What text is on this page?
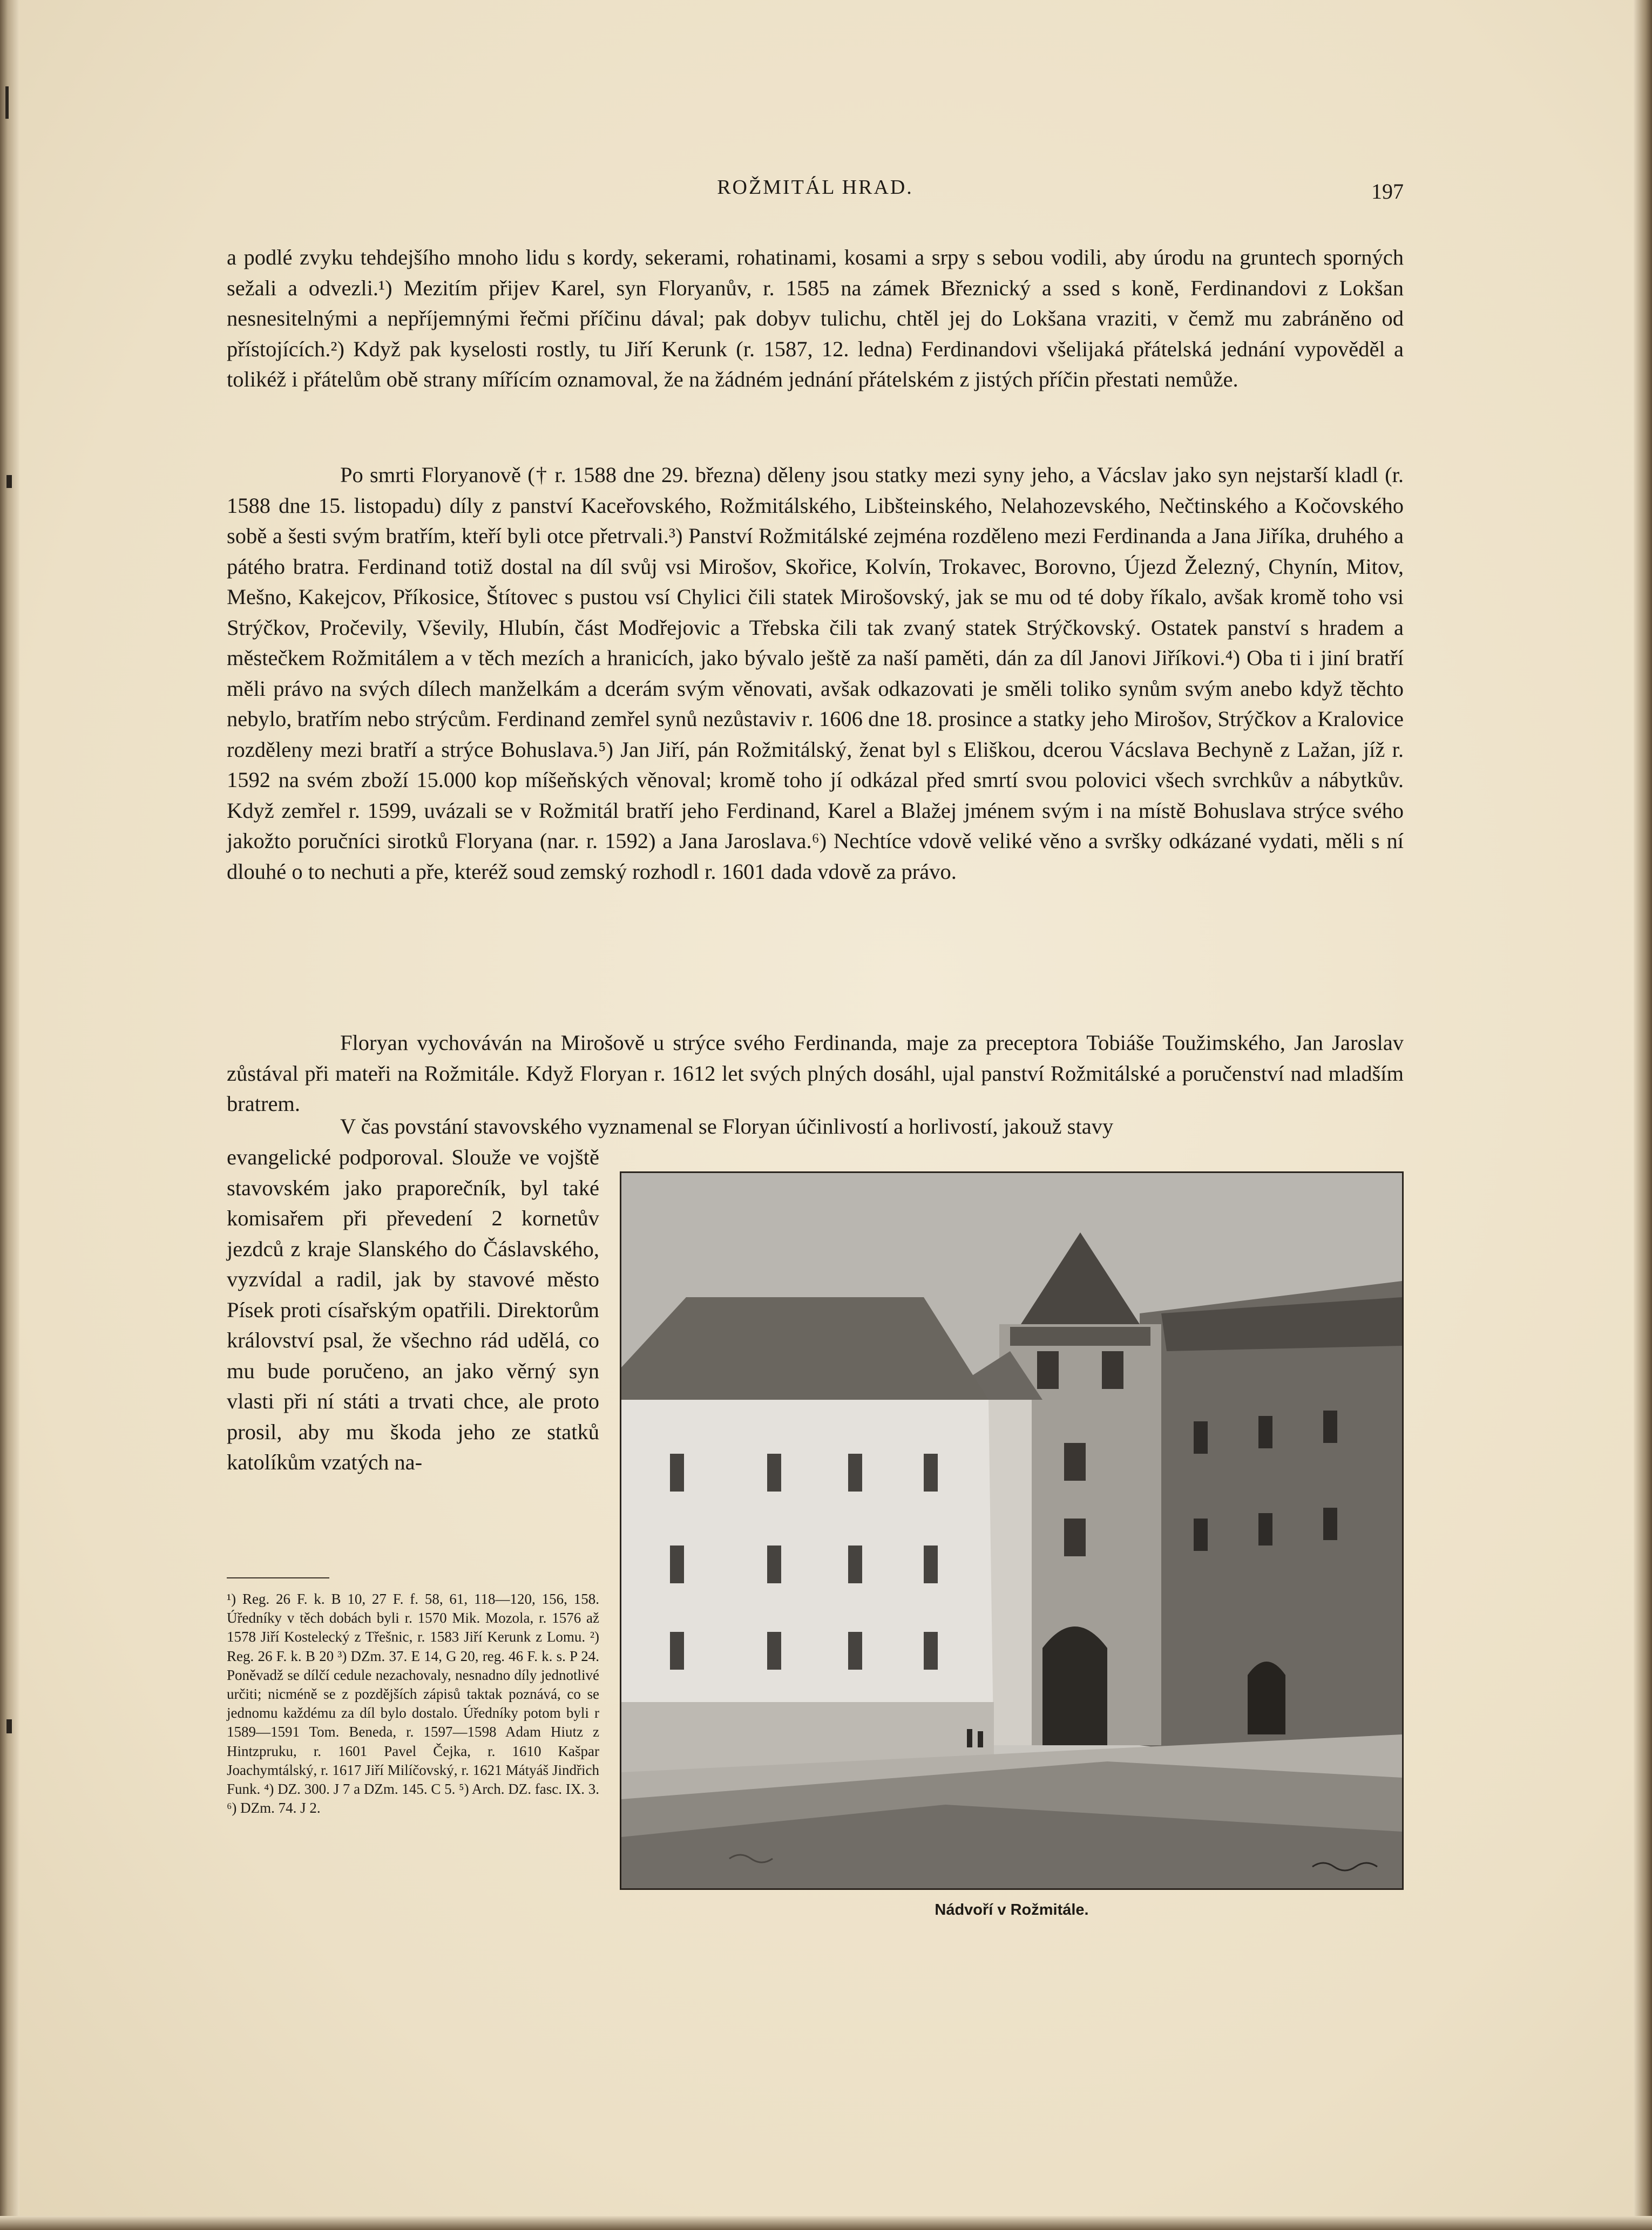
ROŽMITÁL HRAD.	197

a podlé zvyku tehdejšího mnoho lidu s kordy, sekerami, rohatinami, kosami a srpy s sebou vodili, aby úrodu na gruntech sporných sežali a odvezli.¹) Mezitím přijev Karel, syn Floryanův, r. 1585 na zámek Březnický a ssed s koně, Ferdinandovi z Lokšan nesnesitelnými a nepříjemnými řečmi příčinu dával; pak dobyv tulichu, chtěl jej do Lokšana vraziti, v čemž mu zabráněno od přístojících.²) Když pak kyselosti rostly, tu Jiří Kerunk (r. 1587, 12. ledna) Ferdinandovi všelijaká přátelská jednání vypověděl a tolikéž i přátelům obě strany mířícím oznamoval, že na žádném jednání přátelském z jistých příčin přestati nemůže.

Po smrti Floryanově († r. 1588 dne 29. března) děleny jsou statky mezi syny jeho, a Vácslav jako syn nejstarší kladl (r. 1588 dne 15. listopadu) díly z panství Kaceřovského, Rožmitálského, Libšteinského, Nelahozevského, Nečtinského a Kočovského sobě a šesti svým bratřím, kteří byli otce přetrvali.³) Panství Rožmitálské zejména rozděleno mezi Ferdinanda a Jana Jiříka, druhého a pátého bratra. Ferdinand totiž dostal na díl svůj vsi Mirošov, Skořice, Kolvín, Trokavec, Borovno, Újezd Železný, Chynín, Mitov, Mešno, Kakejcov, Příkosice, Štítovec s pustou vsí Chylici čili statek Mirošovský, jak se mu od té doby říkalo, avšak kromě toho vsi Strýčkov, Pročevily, Vševily, Hlubín, část Modřejovic a Třebska čili tak zvaný statek Strýčkovský. Ostatek panství s hradem a městečkem Rožmitálem a v těch mezích a hranicích, jako bývalo ještě za naší paměti, dán za díl Janovi Jiříkovi.⁴) Oba ti i jiní bratří měli právo na svých dílech manželkám a dcerám svým věnovati, avšak odkazovati je směli toliko synům svým anebo když těchto nebylo, bratřím nebo strýcům. Ferdinand zemřel synů nezůstaviv r. 1606 dne 18. prosince a statky jeho Mirošov, Strýčkov a Kralovice rozděleny mezi bratří a strýce Bohuslava.⁵) Jan Jiří, pán Rožmitálský, ženat byl s Eliškou, dcerou Vácslava Bechyně z Lažan, jíž r. 1592 na svém zboží 15.000 kop míšeňských věnoval; kromě toho jí odkázal před smrtí svou polovici všech svrchkův a nábytkův. Když zemřel r. 1599, uvázali se v Rožmitál bratří jeho Ferdinand, Karel a Blažej jménem svým i na místě Bohuslava strýce svého jakožto poručníci sirotků Floryana (nar. r. 1592) a Jana Jaroslava.⁶) Nechtíce vdově veliké věno a svršky odkázané vydati, měli s ní dlouhé o to nechuti a pře, kteréž soud zemský rozhodl r. 1601 dada vdově za právo.

Floryan vychováván na Mirošově u strýce svého Ferdinanda, maje za preceptora Tobiáše Toužimského, Jan Jaroslav zůstával při mateři na Rožmitále. Když Floryan r. 1612 let svých plných dosáhl, ujal panství Rožmitálské a poručenství nad mladším bratrem.

V čas povstání stavovského vyznamenal se Floryan účinlivostí a horlivostí, jakouž stavy

evangelické podporoval. Slouže ve vojště stavovském jako praporečník, byl také komisařem při převedení 2 kornetův jezdců z kraje Slanského do Čáslavského, vyzvídal a radil, jak by stavové město Písek proti císařským opatřili. Direktorům království psal, že všechno rád udělá, co mu bude poručeno, an jako věrný syn vlasti při ní státi a trvati chce, ale proto prosil, aby mu škoda jeho ze statků katolíkům vzatých na-

¹) Reg. 26 F. k. B 10, 27 F. f. 58, 61, 118—120, 156, 158. Úředníky v těch dobách byli r. 1570 Mik. Mozola, r. 1576 až 1578 Jiří Kostelecký z Třešnic, r. 1583 Jiří Kerunk z Lomu. ²) Reg. 26 F. k. B 20 ³) DZm. 37. E 14, G 20, reg. 46 F. k. s. P 24. Poněvadž se dílčí cedule nezachovaly, nesnadno díly jednotlivé určiti; nicméně se z pozdějších zápisů taktak poznává, co se jednomu každému za díl bylo dostalo. Úředníky potom byli r 1589—1591 Tom. Beneda, r. 1597—1598 Adam Hiutz z Hintzpruku, r. 1601 Pavel Čejka, r. 1610 Kašpar Joachymtálský, r. 1617 Jiří Milíčovský, r. 1621 Mátyáš Jindřich Funk. ⁴) DZ. 300. J 7 a DZm. 145. C 5. ⁵) Arch. DZ. fasc. IX. 3. ⁶) DZm. 74. J 2.

Nádvoří v Rožmitále.
